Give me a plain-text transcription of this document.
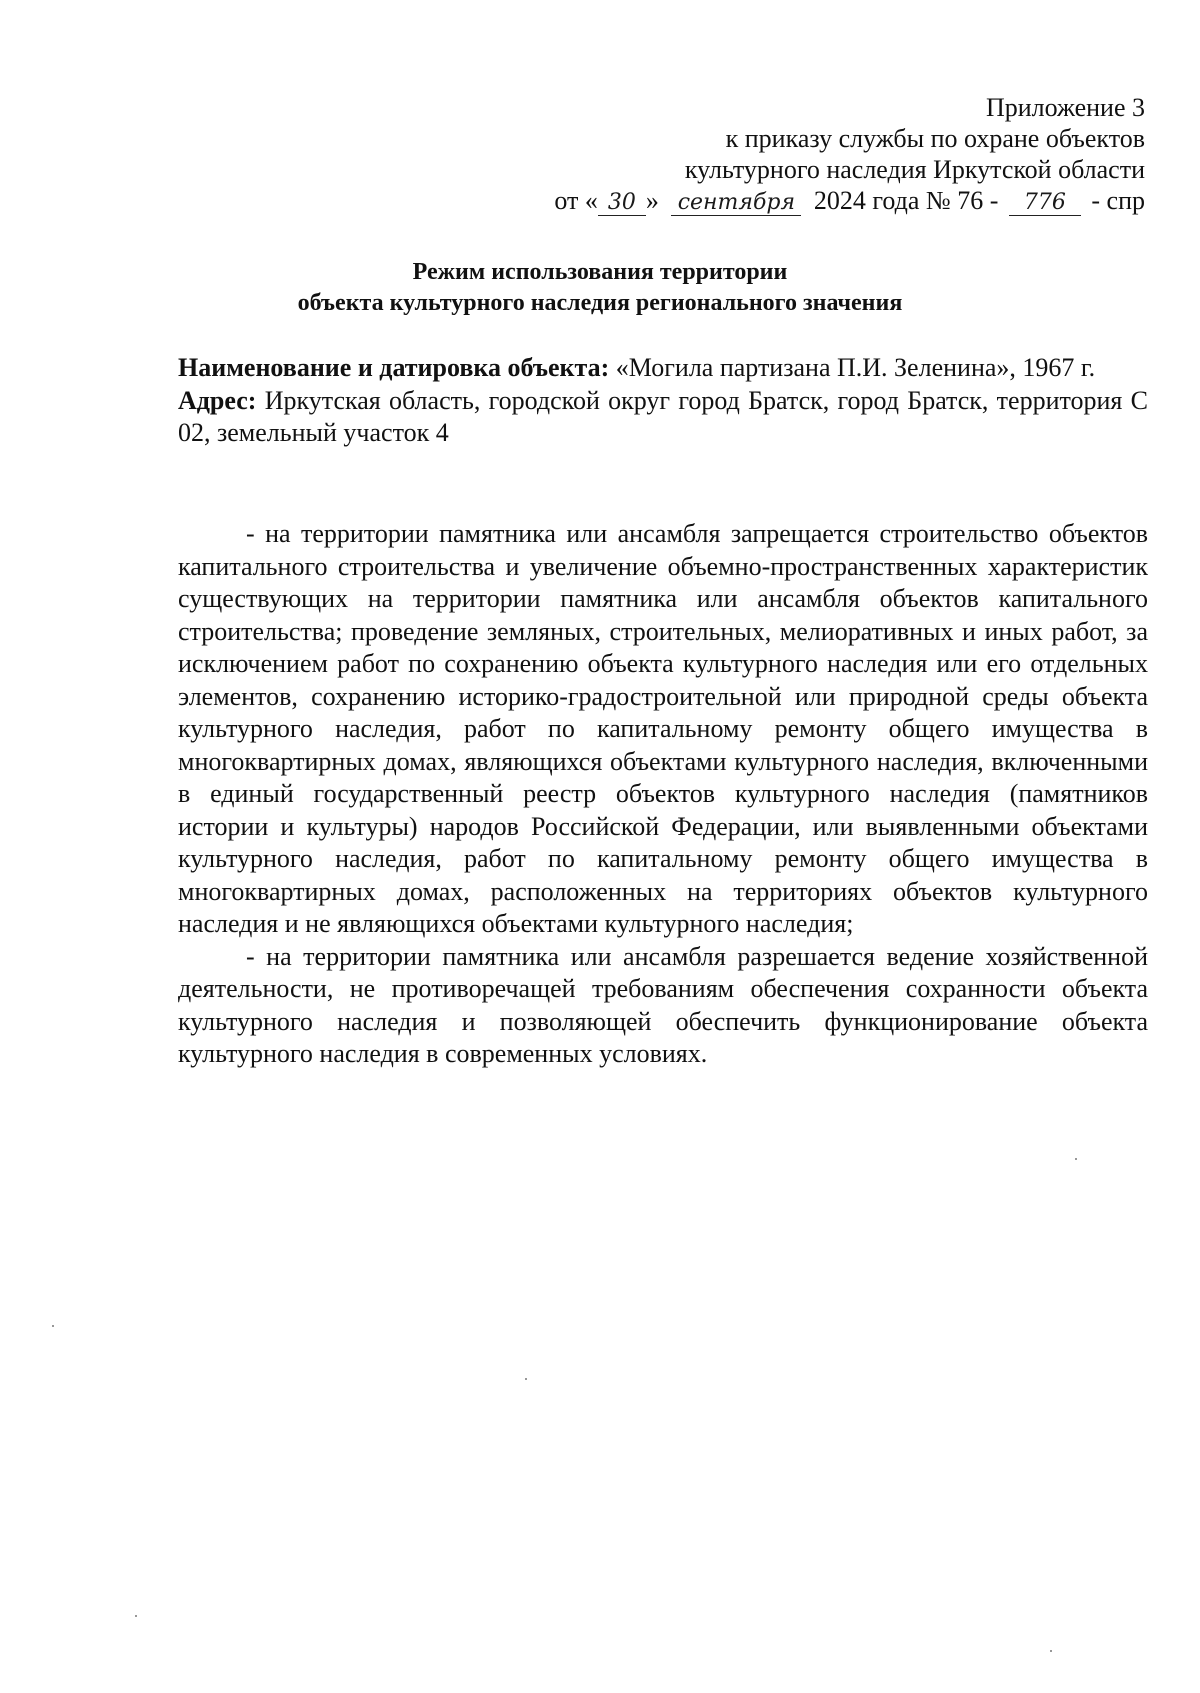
Приложение 3
к приказу службы по охране объектов
культурного наследия Иркутской области
от « 30 » сентября 2024 года № 76 - 776 - спр
Режим использования территории
объекта культурного наследия регионального значения

Наименование и датировка объекта: «Могила партизана П.И. Зеленина», 1967 г.

Адрес: Иркутская область, городской округ город Братск, город Братск, территория С 02, земельный участок 4

- на территории памятника или ансамбля запрещается строительство объектов капитального строительства и увеличение объемно-пространственных характеристик существующих на территории памятника или ансамбля объектов капитального строительства; проведение земляных, строительных, мелиоративных и иных работ, за исключением работ по сохранению объекта культурного наследия или его отдельных элементов, сохранению историко-градостроительной или природной среды объекта культурного наследия, работ по капитальному ремонту общего имущества в многоквартирных домах, являющихся объектами культурного наследия, включенными в единый государственный реестр объектов культурного наследия (памятников истории и культуры) народов Российской Федерации, или выявленными объектами культурного наследия, работ по капитальному ремонту общего имущества в многоквартирных домах, расположенных на территориях объектов культурного наследия и не являющихся объектами культурного наследия;

- на территории памятника или ансамбля разрешается ведение хозяйственной деятельности, не противоречащей требованиям обеспечения сохранности объекта культурного наследия и позволяющей обеспечить функционирование объекта культурного наследия в современных условиях.
